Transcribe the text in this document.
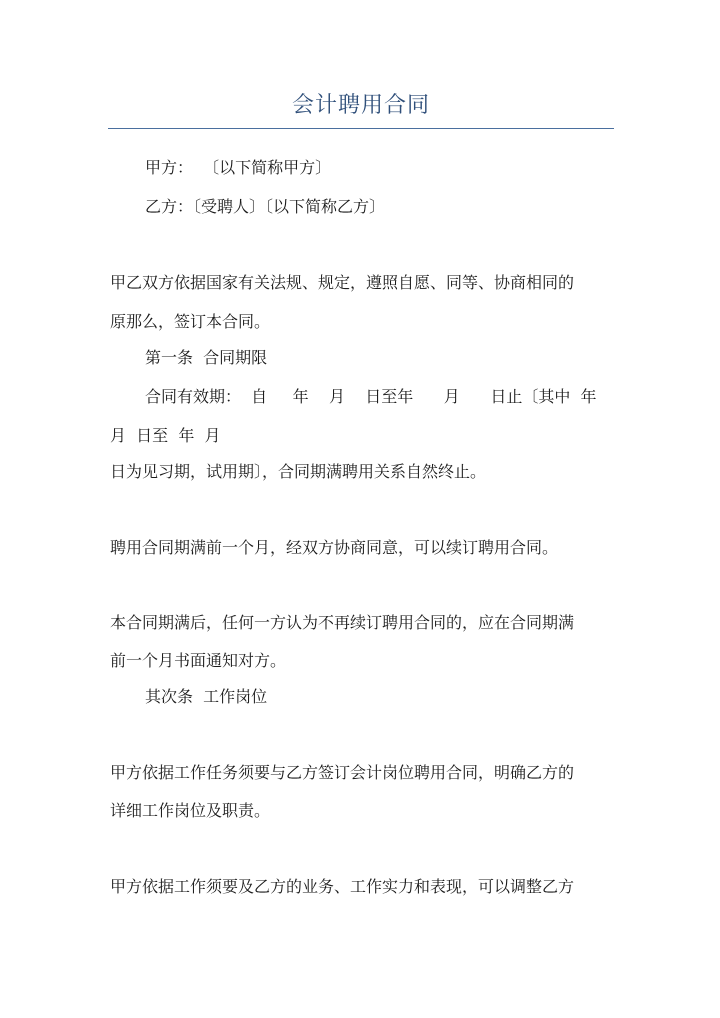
会计聘用合同
甲方：  〔以下简称甲方〕
乙方：〔受聘人〕〔以下简称乙方〕
甲乙双方依据国家有关法规、规定，遵照自愿、同等、协商相同的
原那么，签订本合同。
第一条  合同期限
合同有效期：  自     年    月    日至年      月      日止〔其中  年
月  日至  年  月
日为见习期，试用期〕，合同期满聘用关系自然终止。
聘用合同期满前一个月，经双方协商同意，可以续订聘用合同。
本合同期满后，任何一方认为不再续订聘用合同的，应在合同期满
前一个月书面通知对方。
其次条  工作岗位
甲方依据工作任务须要与乙方签订会计岗位聘用合同，明确乙方的
详细工作岗位及职责。
甲方依据工作须要及乙方的业务、工作实力和表现，可以调整乙方
